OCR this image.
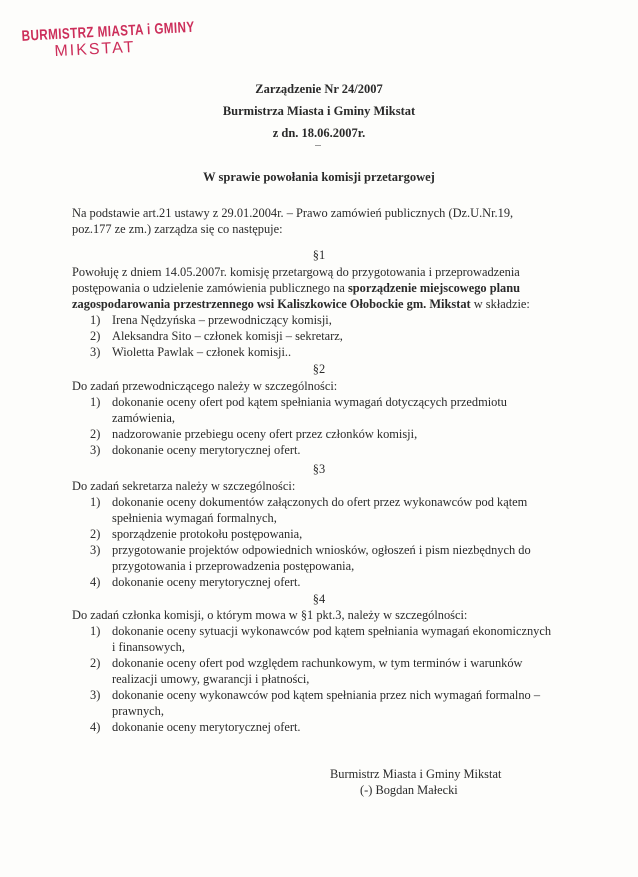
BURMISTRZ MIASTA i GMINY
MIKSTAT
Zarządzenie Nr 24/2007
Burmistrza Miasta i Gminy Mikstat
z dn. 18.06.2007r.
W sprawie powołania komisji przetargowej
Na podstawie art.21 ustawy z 29.01.2004r. – Prawo zamówień publicznych (Dz.U.Nr.19, poz.177 ze zm.) zarządza się co następuje:
§1
Powołuję z dniem 14.05.2007r. komisję przetargową do przygotowania i przeprowadzenia postępowania o udzielenie zamówienia publicznego na sporządzenie miejscowego planu zagospodarowania przestrzennego wsi Kaliszkowice Ołobockie gm. Mikstat w składzie:
1) Irena Nędzyńska – przewodniczący komisji,
2) Aleksandra Sito – członek komisji – sekretarz,
3) Wioletta Pawlak – członek komisji..
§2
Do zadań przewodniczącego należy w szczególności:
1) dokonanie oceny ofert pod kątem spełniania wymagań dotyczących przedmiotu zamówienia,
2) nadzorowanie przebiegu oceny ofert przez członków komisji,
3) dokonanie oceny merytorycznej ofert.
§3
Do zadań sekretarza należy w szczególności:
1) dokonanie oceny dokumentów załączonych do ofert przez wykonawców pod kątem spełnienia wymagań formalnych,
2) sporządzenie protokołu postępowania,
3) przygotowanie projektów odpowiednich wniosków, ogłoszeń i pism niezbędnych do przygotowania i przeprowadzenia postępowania,
4) dokonanie oceny merytorycznej ofert.
§4
Do zadań członka komisji, o którym mowa w §1 pkt.3, należy w szczególności:
1) dokonanie oceny sytuacji wykonawców pod kątem spełniania wymagań ekonomicznych i finansowych,
2) dokonanie oceny ofert pod względem rachunkowym, w tym terminów i warunków realizacji umowy, gwarancji i płatności,
3) dokonanie oceny wykonawców pod kątem spełniania przez nich wymagań formalno – prawnych,
4) dokonanie oceny merytorycznej ofert.
Burmistrz Miasta i Gminy Mikstat
(-) Bogdan Małecki
